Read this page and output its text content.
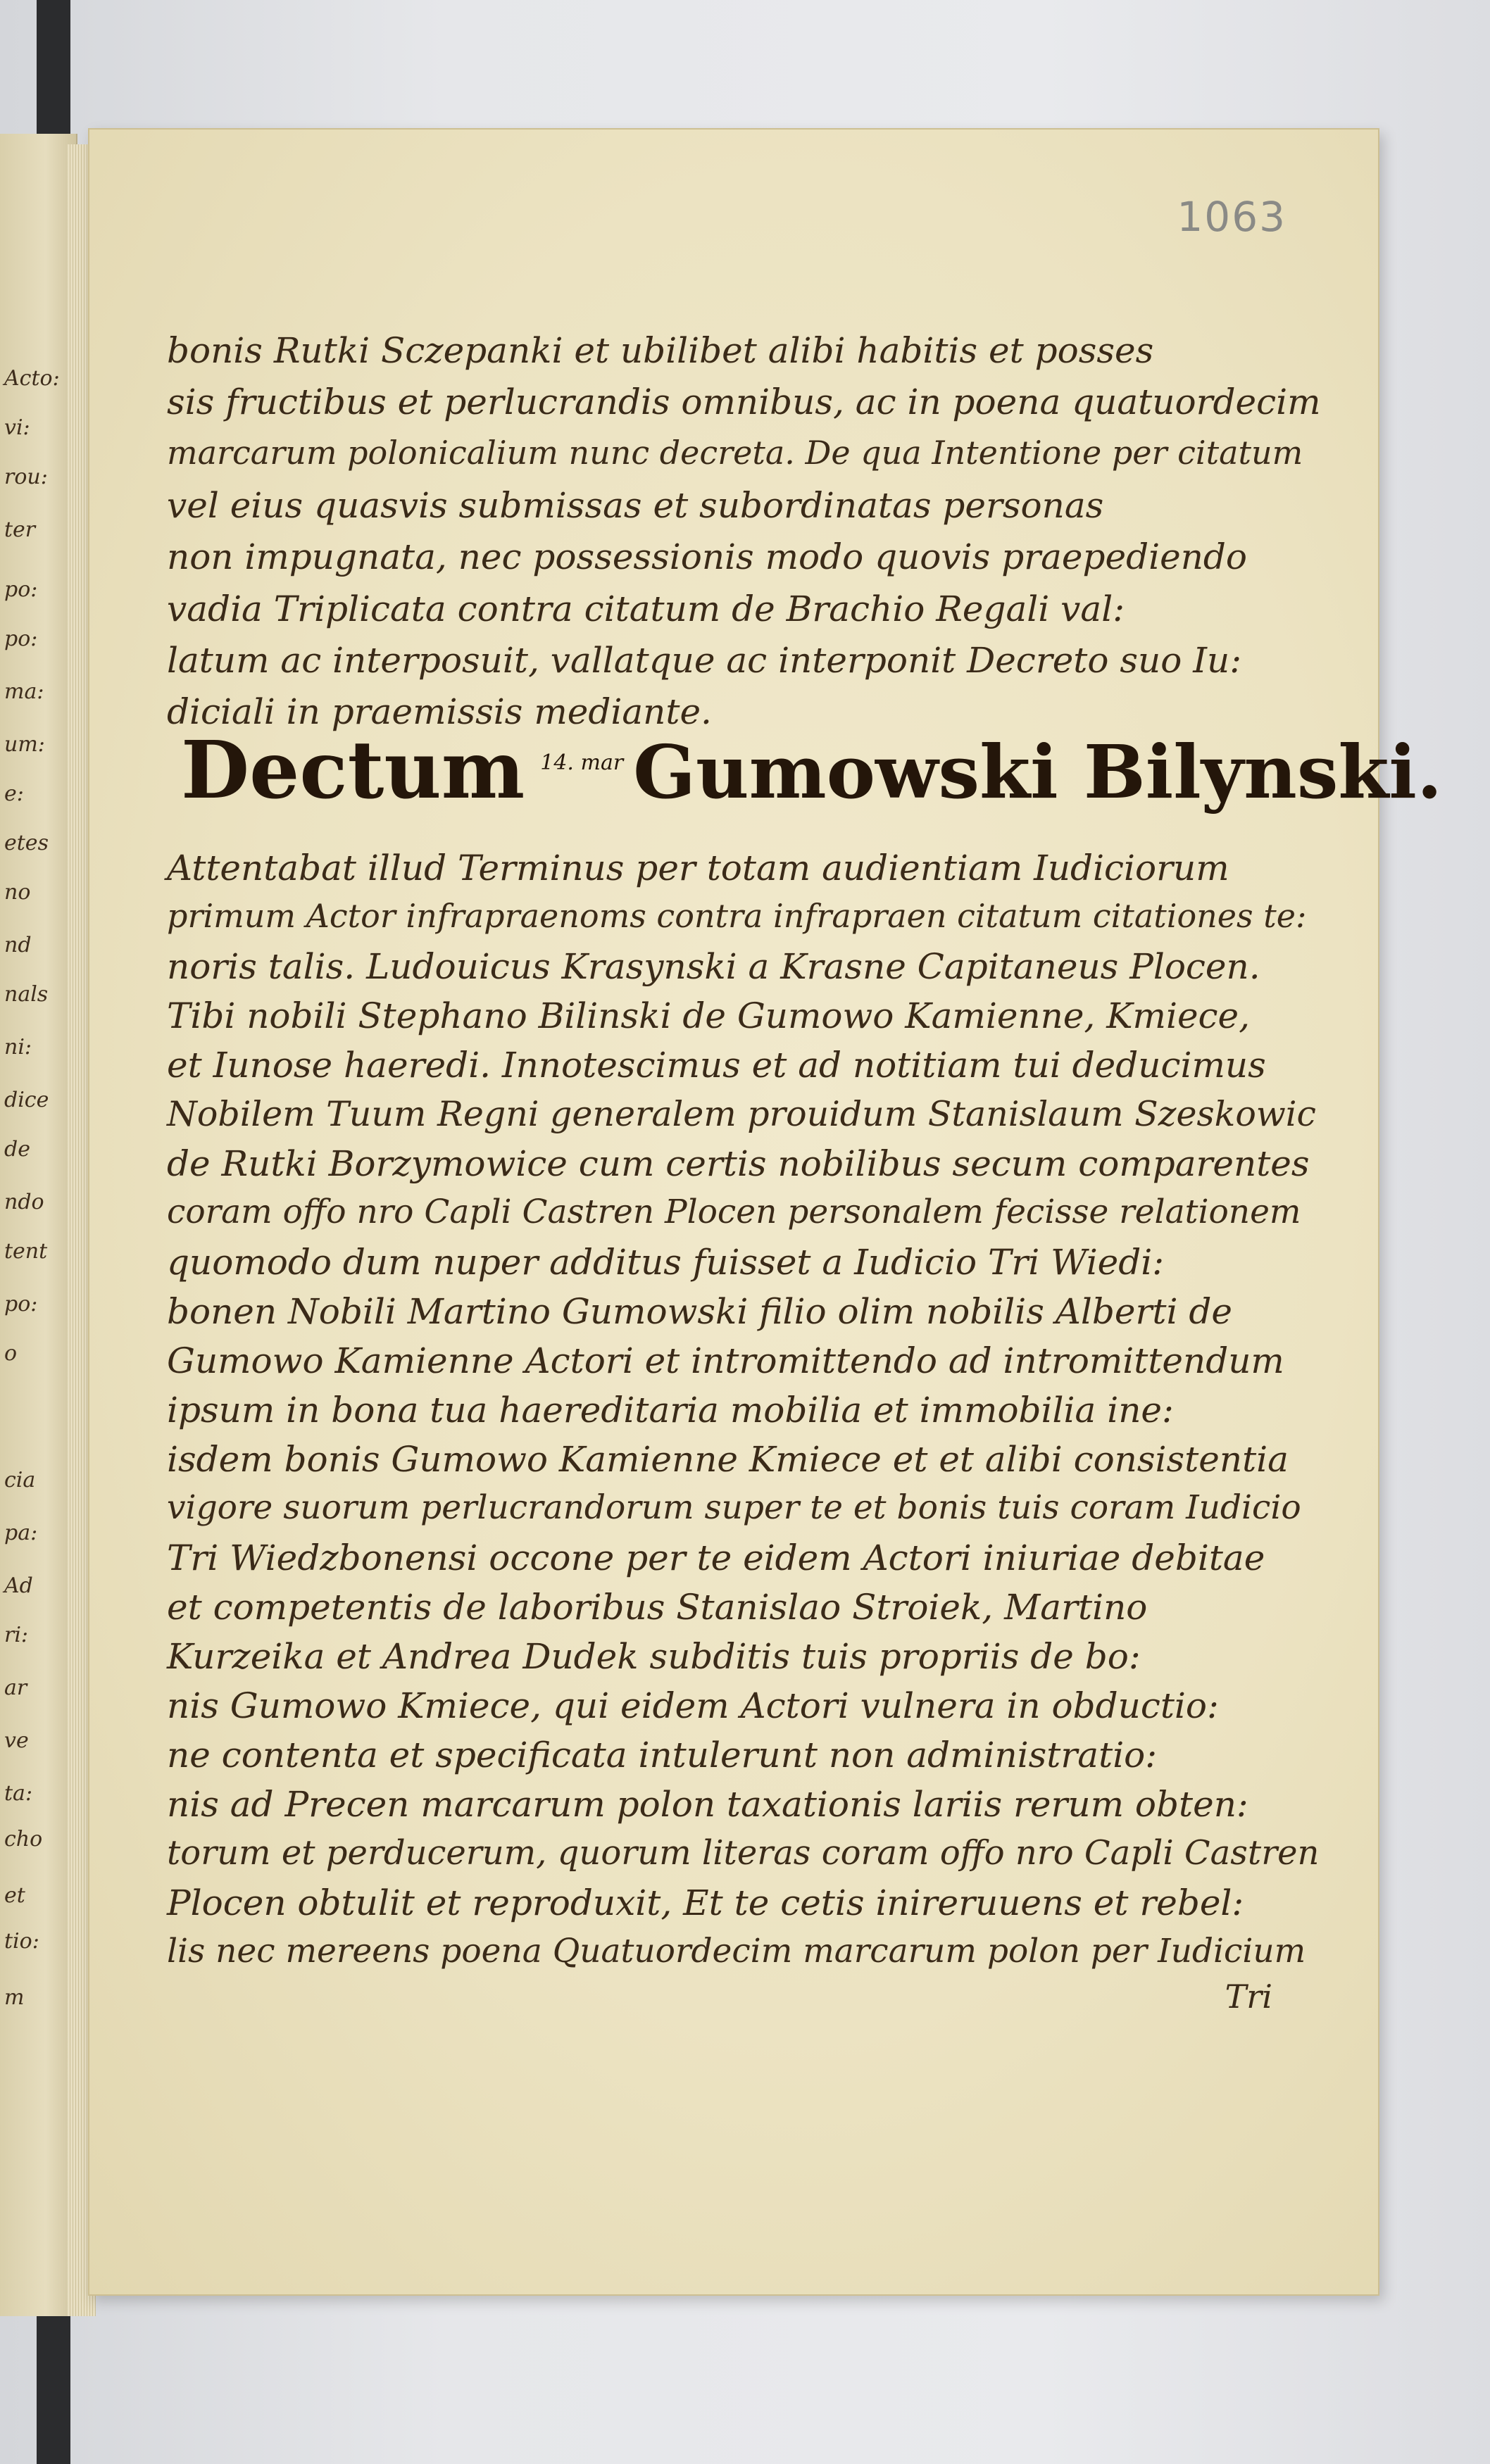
Acto:
vi:
rou:
ter
po:
po:
ma:
um:
e:
etes
no
nd
nals
ni:
dice
de
ndo
tent
po:
o
cia
pa:
Ad
ri:
ar
ve
ta:
cho
et
tio:
m
1063
bonis Rutki Sczepanki et ubilibet alibi habitis et posses
sis fructibus et perlucrandis omnibus, ac in poena quatuordecim
marcarum polonicalium nunc decreta. De qua Intentione per citatum
vel eius quasvis submissas et subordinatas personas
non impugnata, nec possessionis modo quovis praepediendo
vadia Triplicata contra citatum de Brachio Regali val:
latum ac interposuit, vallatque ac interponit Decreto suo Iu:
diciali in praemissis mediante.
Dectum 14. mar Gumowski Bilynski.
Attentabat illud Terminus per totam audientiam Iudiciorum
primum Actor infrapraenoms contra infrapraen citatum citationes te:
noris talis. Ludouicus Krasynski a Krasne Capitaneus Plocen.
Tibi nobili Stephano Bilinski de Gumowo Kamienne, Kmiece,
et Iunose haeredi. Innotescimus et ad notitiam tui deducimus
Nobilem Tuum Regni generalem prouidum Stanislaum Szeskowic
de Rutki Borzymowice cum certis nobilibus secum comparentes
coram offo nro Capli Castren Plocen personalem fecisse relationem
quomodo dum nuper additus fuisset a Iudicio Tri Wiedi:
bonen Nobili Martino Gumowski filio olim nobilis Alberti de
Gumowo Kamienne Actori et intromittendo ad intromittendum
ipsum in bona tua haereditaria mobilia et immobilia ine:
isdem bonis Gumowo Kamienne Kmiece et et alibi consistentia
vigore suorum perlucrandorum super te et bonis tuis coram Iudicio
Tri Wiedzbonensi occone per te eidem Actori iniuriae debitae
et competentis de laboribus Stanislao Stroiek, Martino
Kurzeika et Andrea Dudek subditis tuis propriis de bo:
nis Gumowo Kmiece, qui eidem Actori vulnera in obductio:
ne contenta et specificata intulerunt non administratio:
nis ad Precen marcarum polon taxationis lariis rerum obten:
torum et perducerum, quorum literas coram offo nro Capli Castren
Plocen obtulit et reproduxit, Et te cetis inireruuens et rebel:
lis nec mereens poena Quatuordecim marcarum polon per Iudicium
Tri
